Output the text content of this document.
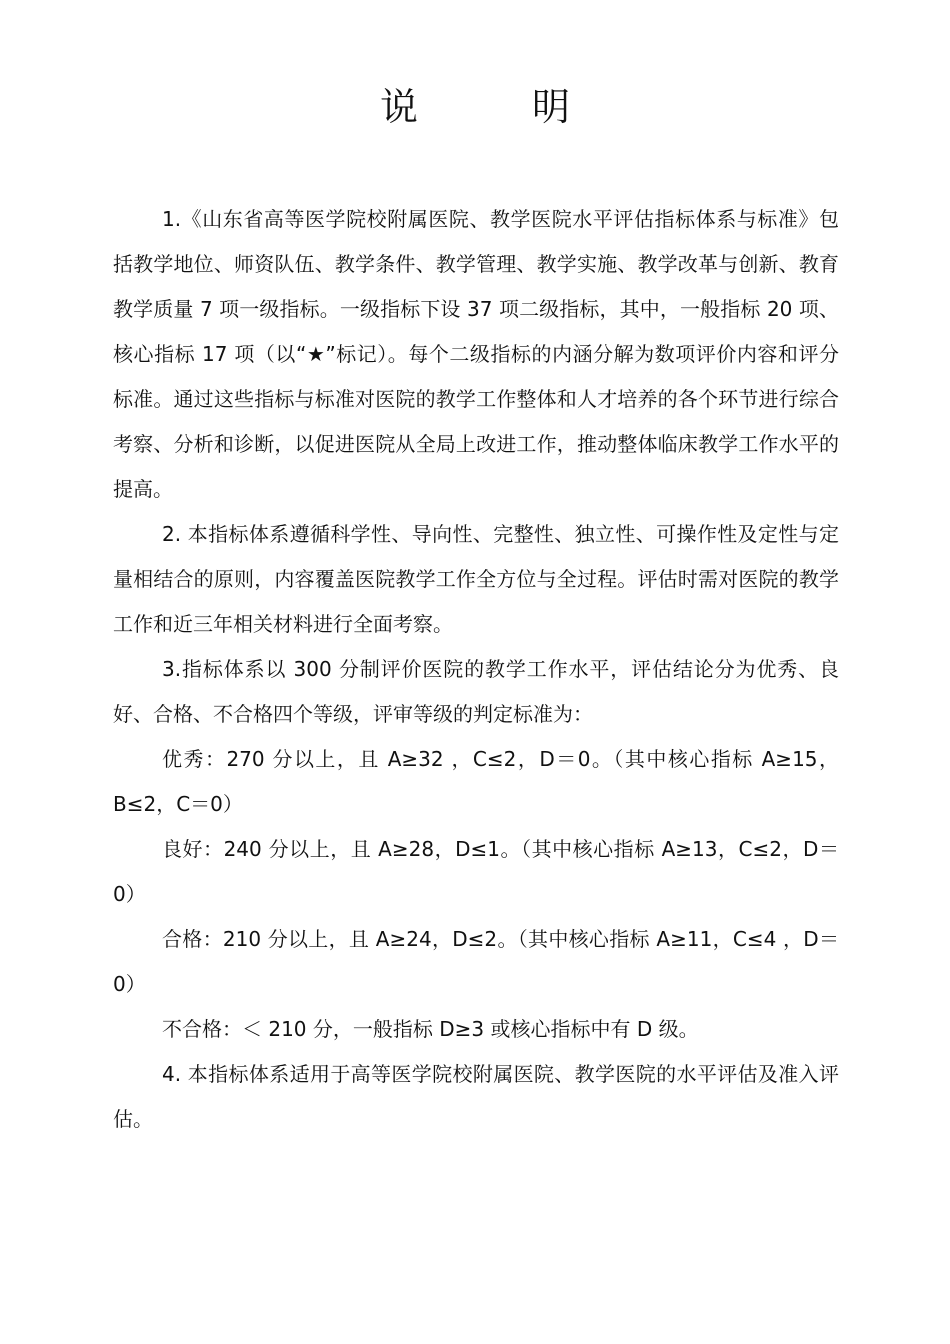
说　明

1.《山东省高等医学院校附属医院、教学医院水平评估指标体系与标准》包括教学地位、师资队伍、教学条件、教学管理、教学实施、教学改革与创新、教育教学质量 7 项一级指标。一级指标下设 37 项二级指标，其中，一般指标 20 项、核心指标 17 项（以“★”标记）。每个二级指标的内涵分解为数项评价内容和评分标准。通过这些指标与标准对医院的教学工作整体和人才培养的各个环节进行综合考察、分析和诊断，以促进医院从全局上改进工作，推动整体临床教学工作水平的提高。

2. 本指标体系遵循科学性、导向性、完整性、独立性、可操作性及定性与定量相结合的原则，内容覆盖医院教学工作全方位与全过程。评估时需对医院的教学工作和近三年相关材料进行全面考察。

3.指标体系以 300 分制评价医院的教学工作水平，评估结论分为优秀、良好、合格、不合格四个等级，评审等级的判定标准为：

优秀：270 分以上，且 A≥32 ，C≤2，D＝0。（其中核心指标 A≥15，B≤2，C＝0）

良好：240 分以上，且 A≥28，D≤1。（其中核心指标 A≥13，C≤2，D＝0）

合格：210 分以上，且 A≥24，D≤2。（其中核心指标 A≥11，C≤4 ，D＝0）

不合格：＜ 210 分，一般指标 D≥3 或核心指标中有 D 级。

4. 本指标体系适用于高等医学院校附属医院、教学医院的水平评估及准入评估。
